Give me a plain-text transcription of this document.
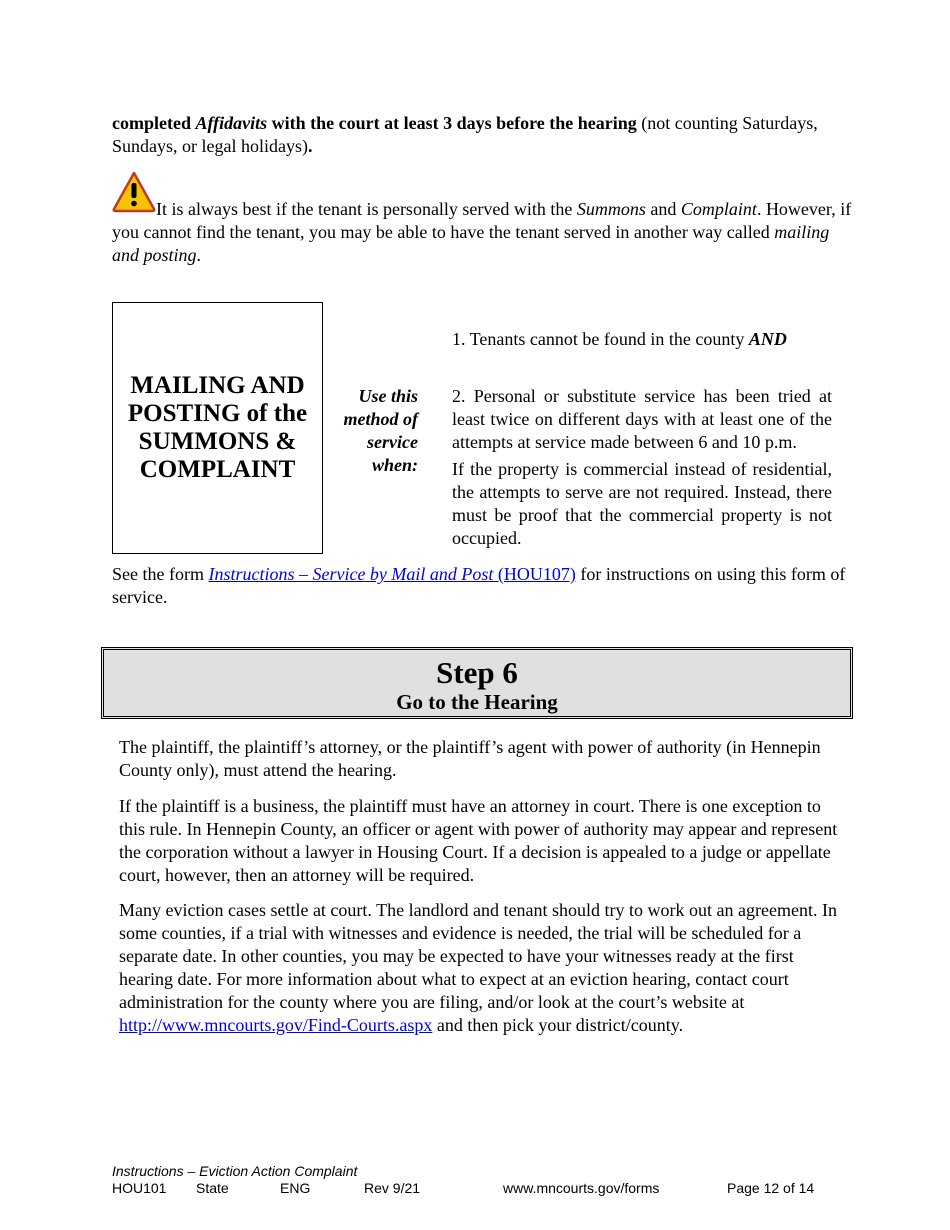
completed Affidavits with the court at least 3 days before the hearing (not counting Saturdays, Sundays, or legal holidays).

It is always best if the tenant is personally served with the Summons and Complaint. However, if you cannot find the tenant, you may be able to have the tenant served in another way called mailing and posting.

MAILING AND POSTING of the SUMMONS & COMPLAINT
Use this method of service when:

1. Tenants cannot be found in the county AND

2. Personal or substitute service has been tried at least twice on different days with at least one of the attempts at service made between 6 and 10 p.m.

If the property is commercial instead of residential, the attempts to serve are not required. Instead, there must be proof that the commercial property is not occupied.

See the form Instructions – Service by Mail and Post (HOU107) for instructions on using this form of service.

Step 6
Go to the Hearing

The plaintiff, the plaintiff’s attorney, or the plaintiff’s agent with power of authority (in Hennepin County only), must attend the hearing.

If the plaintiff is a business, the plaintiff must have an attorney in court. There is one exception to this rule. In Hennepin County, an officer or agent with power of authority may appear and represent the corporation without a lawyer in Housing Court. If a decision is appealed to a judge or appellate court, however, then an attorney will be required.

Many eviction cases settle at court. The landlord and tenant should try to work out an agreement. In some counties, if a trial with witnesses and evidence is needed, the trial will be scheduled for a separate date. In other counties, you may be expected to have your witnesses ready at the first hearing date. For more information about what to expect at an eviction hearing, contact court administration for the county where you are filing, and/or look at the court’s website at http://www.mncourts.gov/Find-Courts.aspx and then pick your district/county.

Instructions – Eviction Action Complaint
HOU101 State	ENG	Rev 9/21	www.mncourts.gov/forms	Page 12 of 14
